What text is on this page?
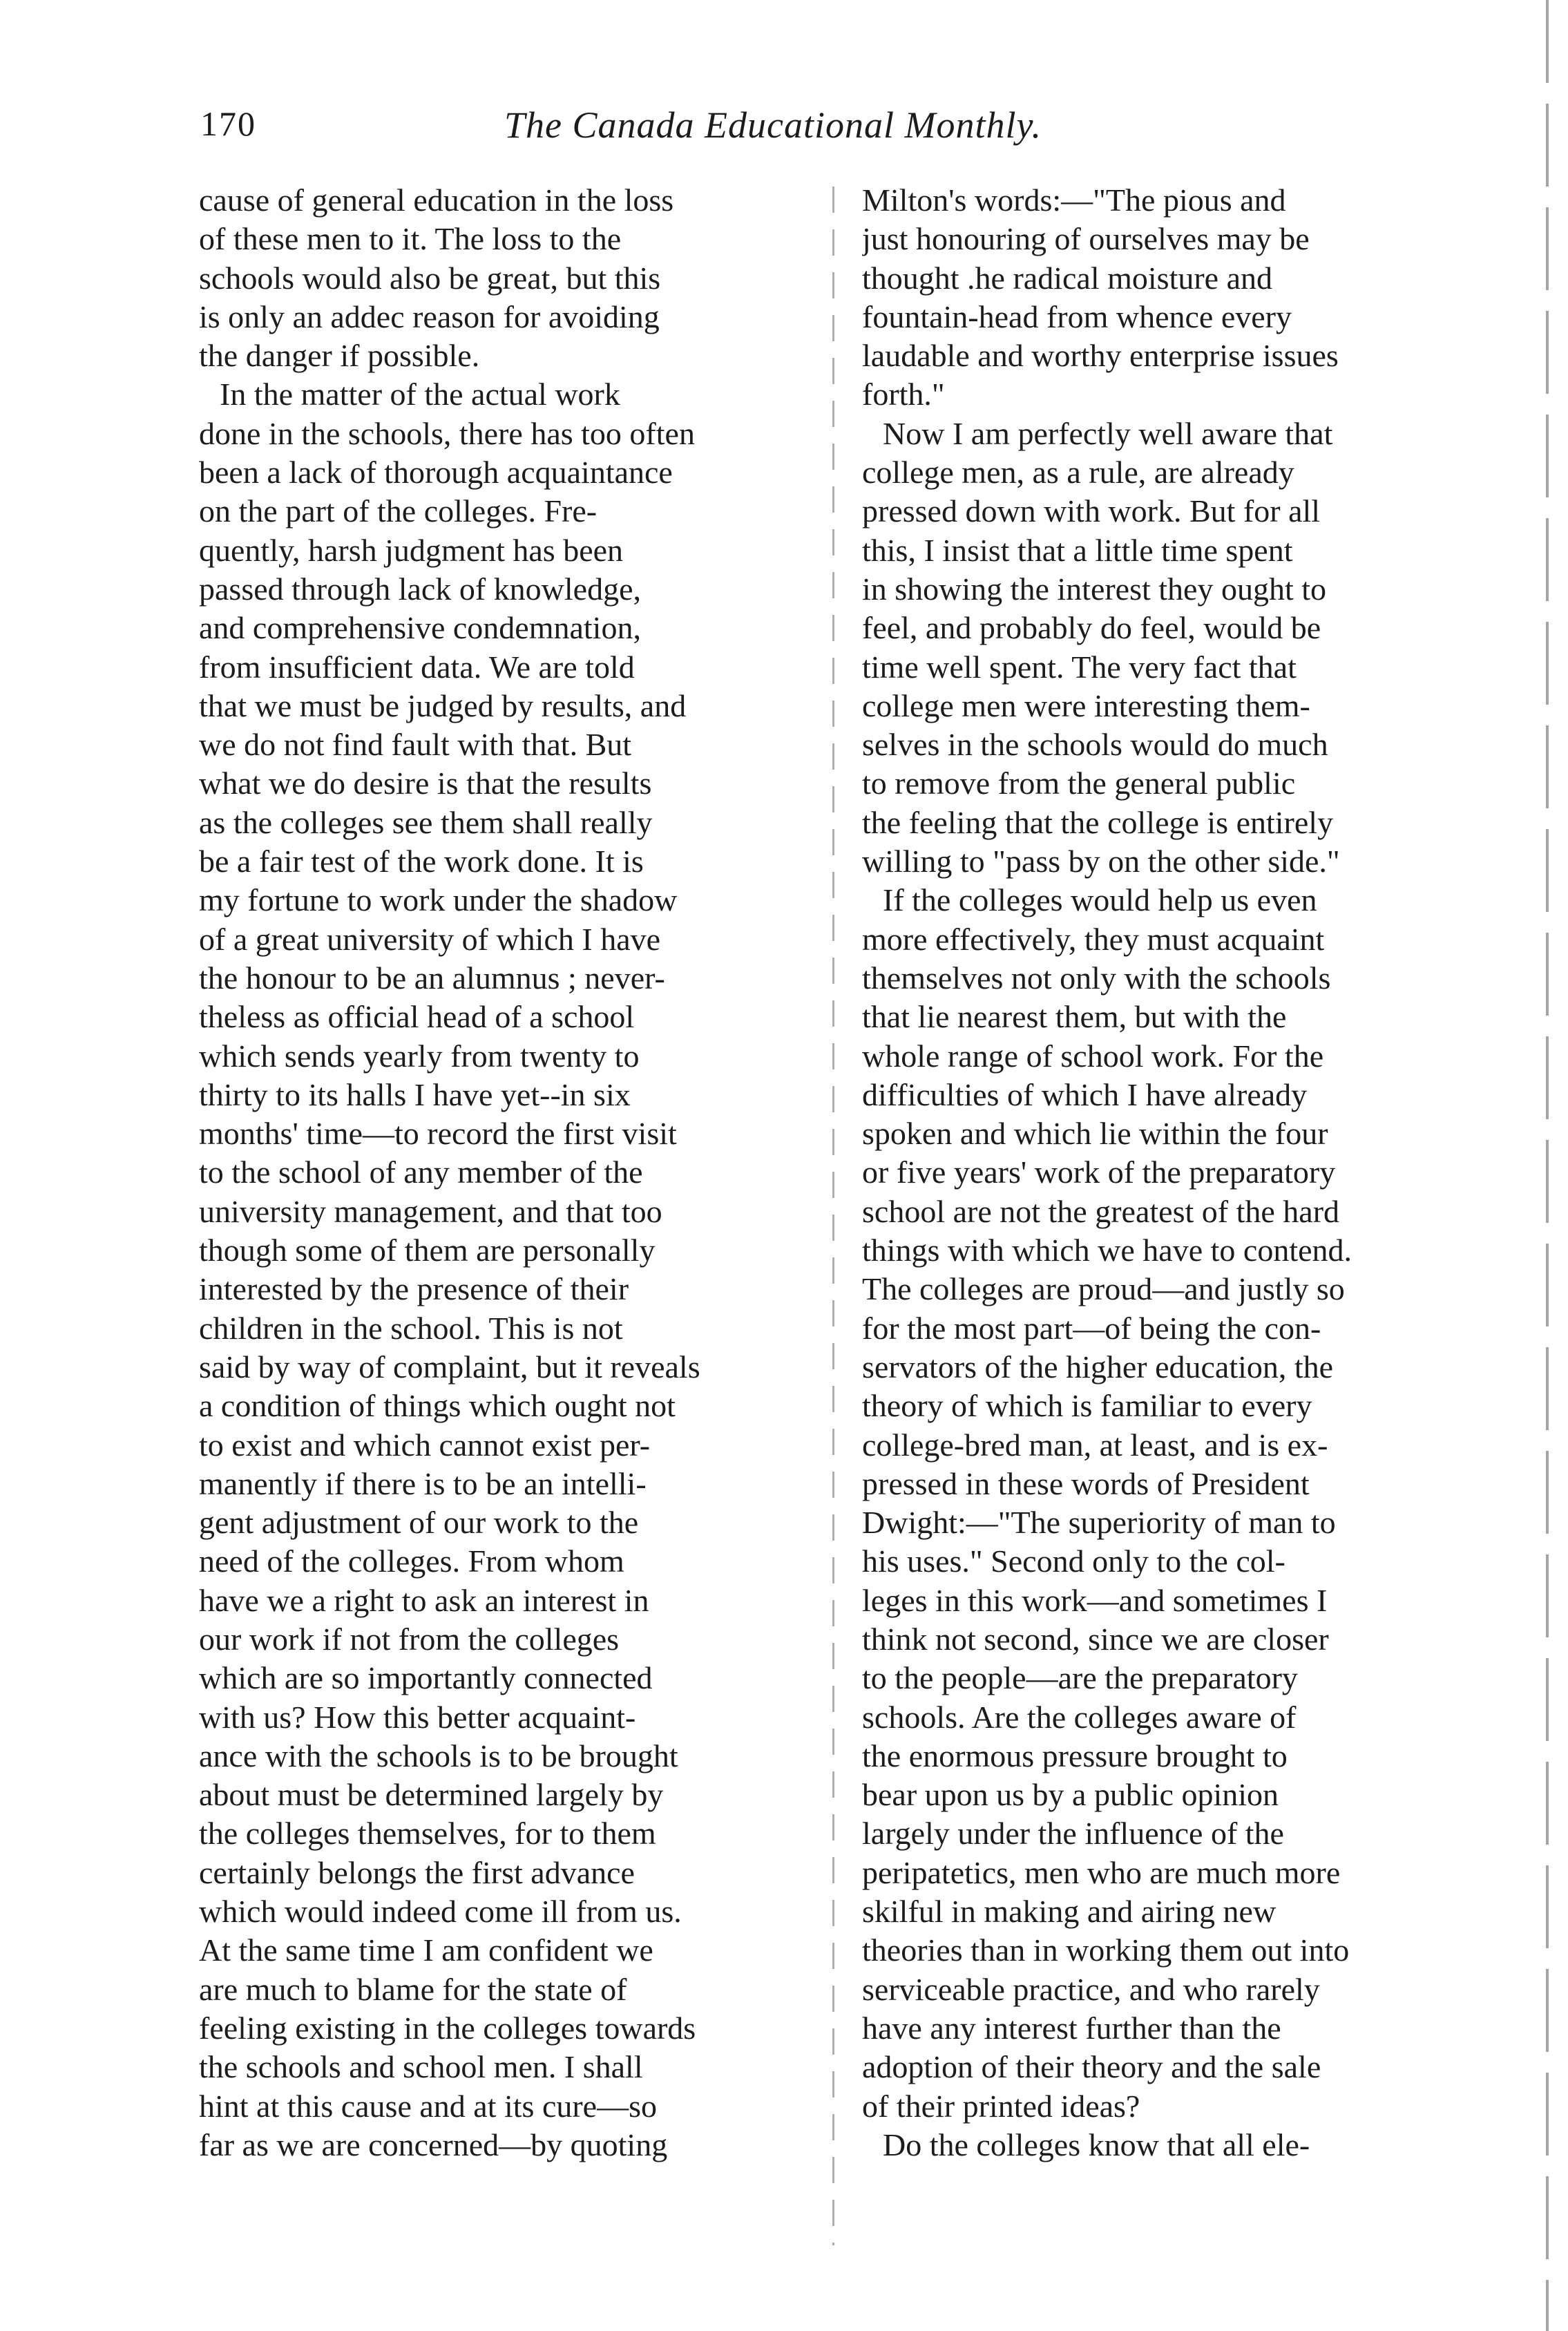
170	The Canada Educational Monthly.
cause of general education in the loss
of these men to it. The loss to the
schools would also be great, but this
is only an addec reason for avoiding
the danger if possible.
In the matter of the actual work
done in the schools, there has too often
been a lack of thorough acquaintance
on the part of the colleges. Fre-
quently, harsh judgment has been
passed through lack of knowledge,
and comprehensive condemnation,
from insufficient data. We are told
that we must be judged by results, and
we do not find fault with that. But
what we do desire is that the results
as the colleges see them shall really
be a fair test of the work done. It is
my fortune to work under the shadow
of a great university of which I have
the honour to be an alumnus ; never-
theless as official head of a school
which sends yearly from twenty to
thirty to its halls I have yet--in six
months' time—to record the first visit
to the school of any member of the
university management, and that too
though some of them are personally
interested by the presence of their
children in the school. This is not
said by way of complaint, but it reveals
a condition of things which ought not
to exist and which cannot exist per-
manently if there is to be an intelli-
gent adjustment of our work to the
need of the colleges. From whom
have we a right to ask an interest in
our work if not from the colleges
which are so importantly connected
with us? How this better acquaint-
ance with the schools is to be brought
about must be determined largely by
the colleges themselves, for to them
certainly belongs the first advance
which would indeed come ill from us.
At the same time I am confident we
are much to blame for the state of
feeling existing in the colleges towards
the schools and school men. I shall
hint at this cause and at its cure—so
far as we are concerned—by quoting
Milton's words:—"The pious and
just honouring of ourselves may be
thought .he radical moisture and
fountain-head from whence every
laudable and worthy enterprise issues
forth."
Now I am perfectly well aware that
college men, as a rule, are already
pressed down with work. But for all
this, I insist that a little time spent
in showing the interest they ought to
feel, and probably do feel, would be
time well spent. The very fact that
college men were interesting them-
selves in the schools would do much
to remove from the general public
the feeling that the college is entirely
willing to "pass by on the other side."
If the colleges would help us even
more effectively, they must acquaint
themselves not only with the schools
that lie nearest them, but with the
whole range of school work. For the
difficulties of which I have already
spoken and which lie within the four
or five years' work of the preparatory
school are not the greatest of the hard
things with which we have to contend.
The colleges are proud—and justly so
for the most part—of being the con-
servators of the higher education, the
theory of which is familiar to every
college-bred man, at least, and is ex-
pressed in these words of President
Dwight:—"The superiority of man to
his uses." Second only to the col-
leges in this work—and sometimes I
think not second, since we are closer
to the people—are the preparatory
schools. Are the colleges aware of
the enormous pressure brought to
bear upon us by a public opinion
largely under the influence of the
peripatetics, men who are much more
skilful in making and airing new
theories than in working them out into
serviceable practice, and who rarely
have any interest further than the
adoption of their theory and the sale
of their printed ideas?
Do the colleges know that all ele-
